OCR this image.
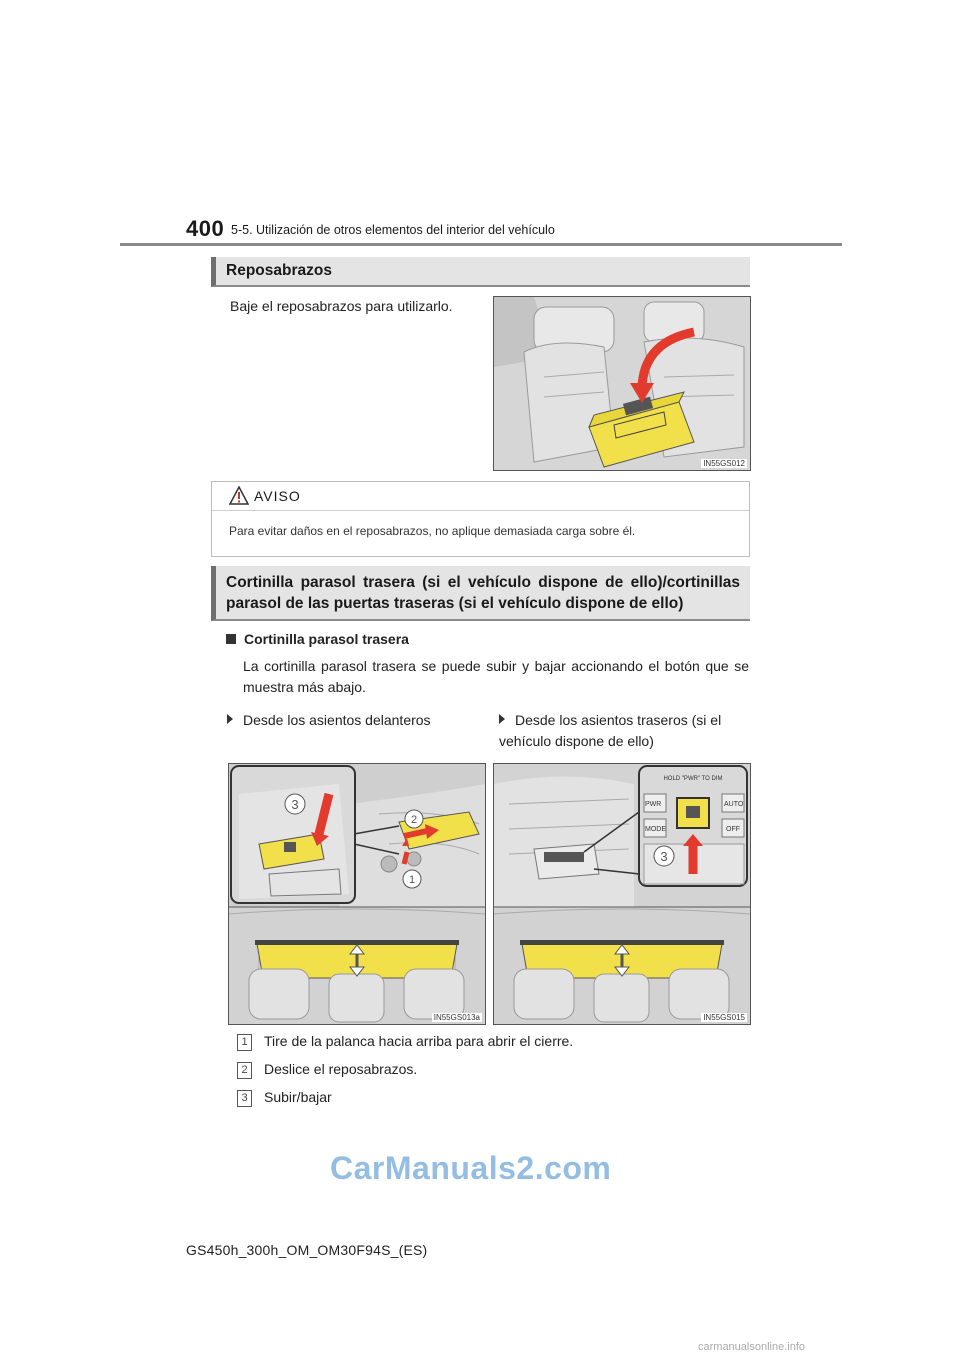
400 5-5. Utilización de otros elementos del interior del vehículo
Reposabrazos
Baje el reposabrazos para utilizarlo.
IN55GS012
AVISO
Para evitar daños en el reposabrazos, no aplique demasiada carga sobre él.
Cortinilla parasol trasera (si el vehículo dispone de ello)/cortinillas parasol de las puertas traseras (si el vehículo dispone de ello)
Cortinilla parasol trasera
La cortinilla parasol trasera se puede subir y bajar accionando el botón que se muestra más abajo.
Desde los asientos delanteros	Desde los asientos traseros (si el vehículo dispone de ello)
2
1
3
IN55GS013a
HOLD "PWR" TO DIM
PWR
MODE
AUTO
OFF
3
IN55GS015
1 Tire de la palanca hacia arriba para abrir el cierre.
2 Deslice el reposabrazos.
3 Subir/bajar
CarManuals2.com
GS450h_300h_OM_OM30F94S_(ES)
carmanualsonline.info
